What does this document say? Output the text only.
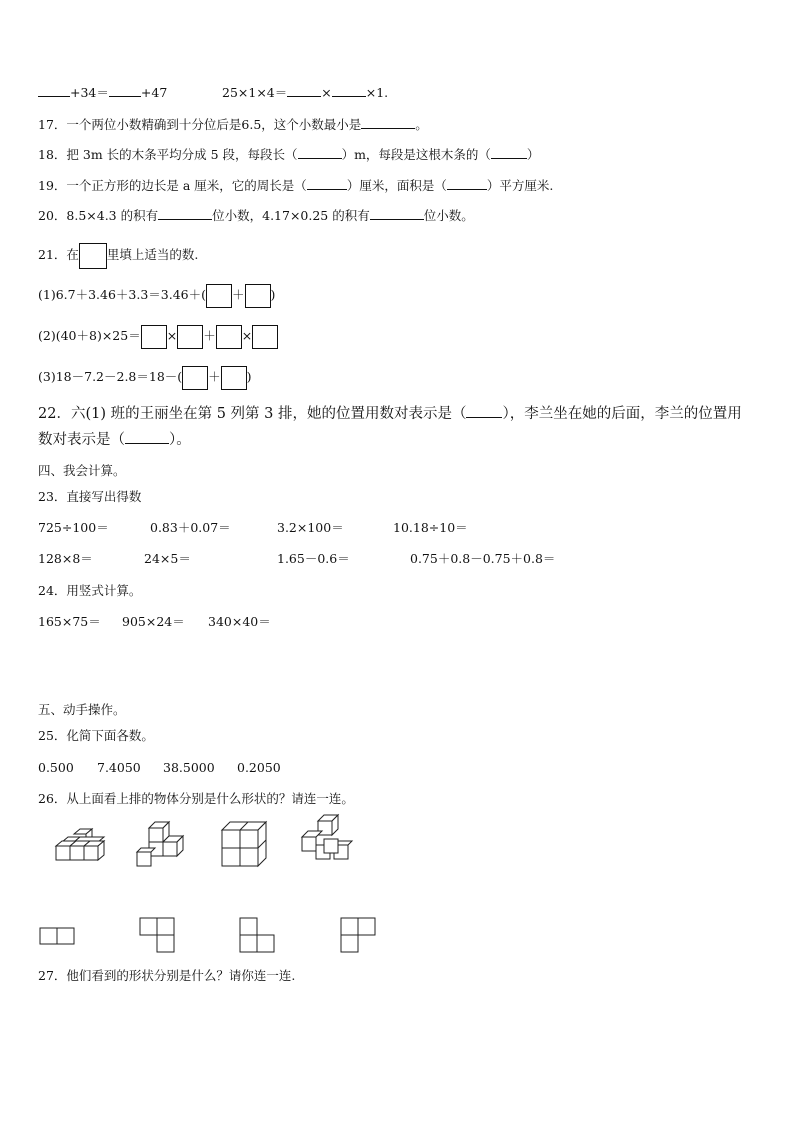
+34＝	+47	25×1×4＝	×	×1.
17．一个两位小数精确到十分位后是6.5，这个小数最小是	。
18．把 3m 长的木条平均分成 5 段，每段长（	）m，每段是这根木条的（	）
19．一个正方形的边长是 a 厘米，它的周长是（	）厘米，面积是（	）平方厘米.
20．8.5×4.3 的积有	位小数，4.17×0.25 的积有	位小数。
21．在 里填上适当的数.
(1)6.7＋3.46＋3.3＝3.46＋( ＋ )
(2)(40＋8)×25＝ × ＋ ×
(3)18－7.2－2.8＝18－( ＋ )
22．六(1) 班的王丽坐在第 5 列第 3 排，她的位置用数对表示是（ ），李兰坐在她的后面，李兰的位置用数对表示是（	）。
四、我会计算。
23．直接写出得数
725÷100＝	0.83＋0.07＝	3.2×100＝	10.18÷10＝
128×8＝	24×5＝	1.65－0.6＝	0.75＋0.8－0.75＋0.8＝
24．用竖式计算。
165×75＝ 905×24＝ 340×40＝
五、动手操作。
25．化简下面各数。
0.500 7.4050 38.5000 0.2050
26．从上面看上排的物体分别是什么形状的？请连一连。
27．他们看到的形状分别是什么？请你连一连.
